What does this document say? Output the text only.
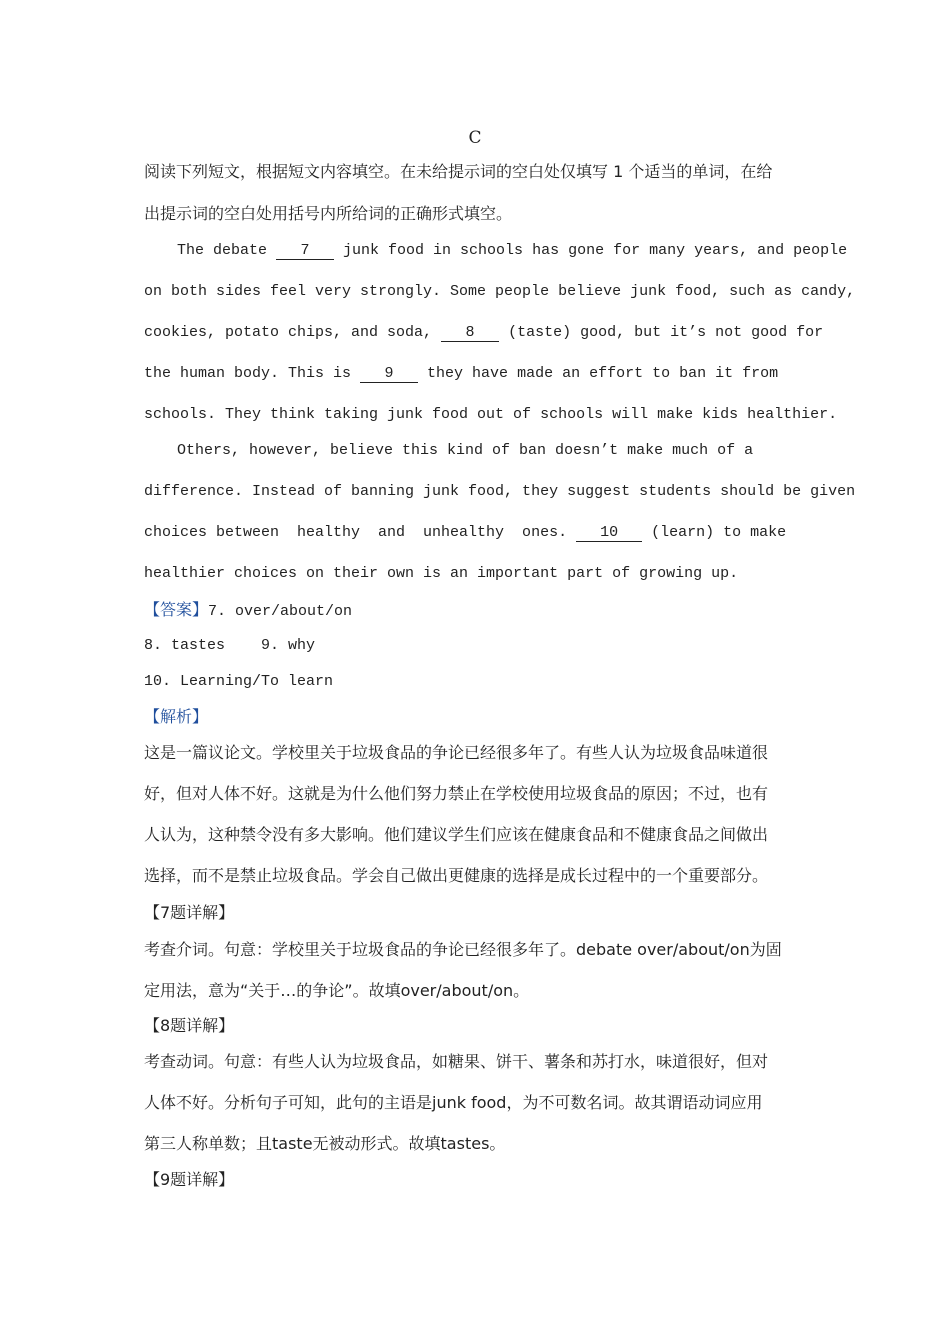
C
阅读下列短文，根据短文内容填空。在未给提示词的空白处仅填写 1 个适当的单词，在给
出提示词的空白处用括号内所给词的正确形式填空。
The debate 7 junk food in schools has gone for many years, and people
on both sides feel very strongly. Some people believe junk food, such as candy,
cookies, potato chips, and soda, 8 (taste) good, but it’s not good for
the human body. This is 9 they have made an effort to ban it from
schools. They think taking junk food out of schools will make kids healthier.
Others, however, believe this kind of ban doesn’t make much of a
difference. Instead of banning junk food, they suggest students should be given
choices between  healthy  and  unhealthy  ones. 10 (learn) to make
healthier choices on their own is an important part of growing up.
【答案】7. over/about/on
8. tastes 9. why
10. Learning/To learn
【解析】
这是一篇议论文。学校里关于垃圾食品的争论已经很多年了。有些人认为垃圾食品味道很
好，但对人体不好。这就是为什么他们努力禁止在学校使用垃圾食品的原因；不过，也有
人认为，这种禁令没有多大影响。他们建议学生们应该在健康食品和不健康食品之间做出
选择，而不是禁止垃圾食品。学会自己做出更健康的选择是成长过程中的一个重要部分。
【7题详解】
考查介词。句意：学校里关于垃圾食品的争论已经很多年了。debate over/about/on为固
定用法，意为“关于…的争论”。故填over/about/on。
【8题详解】
考查动词。句意：有些人认为垃圾食品，如糖果、饼干、薯条和苏打水，味道很好，但对
人体不好。分析句子可知，此句的主语是junk food，为不可数名词。故其谓语动词应用
第三人称单数；且taste无被动形式。故填tastes。
【9题详解】
